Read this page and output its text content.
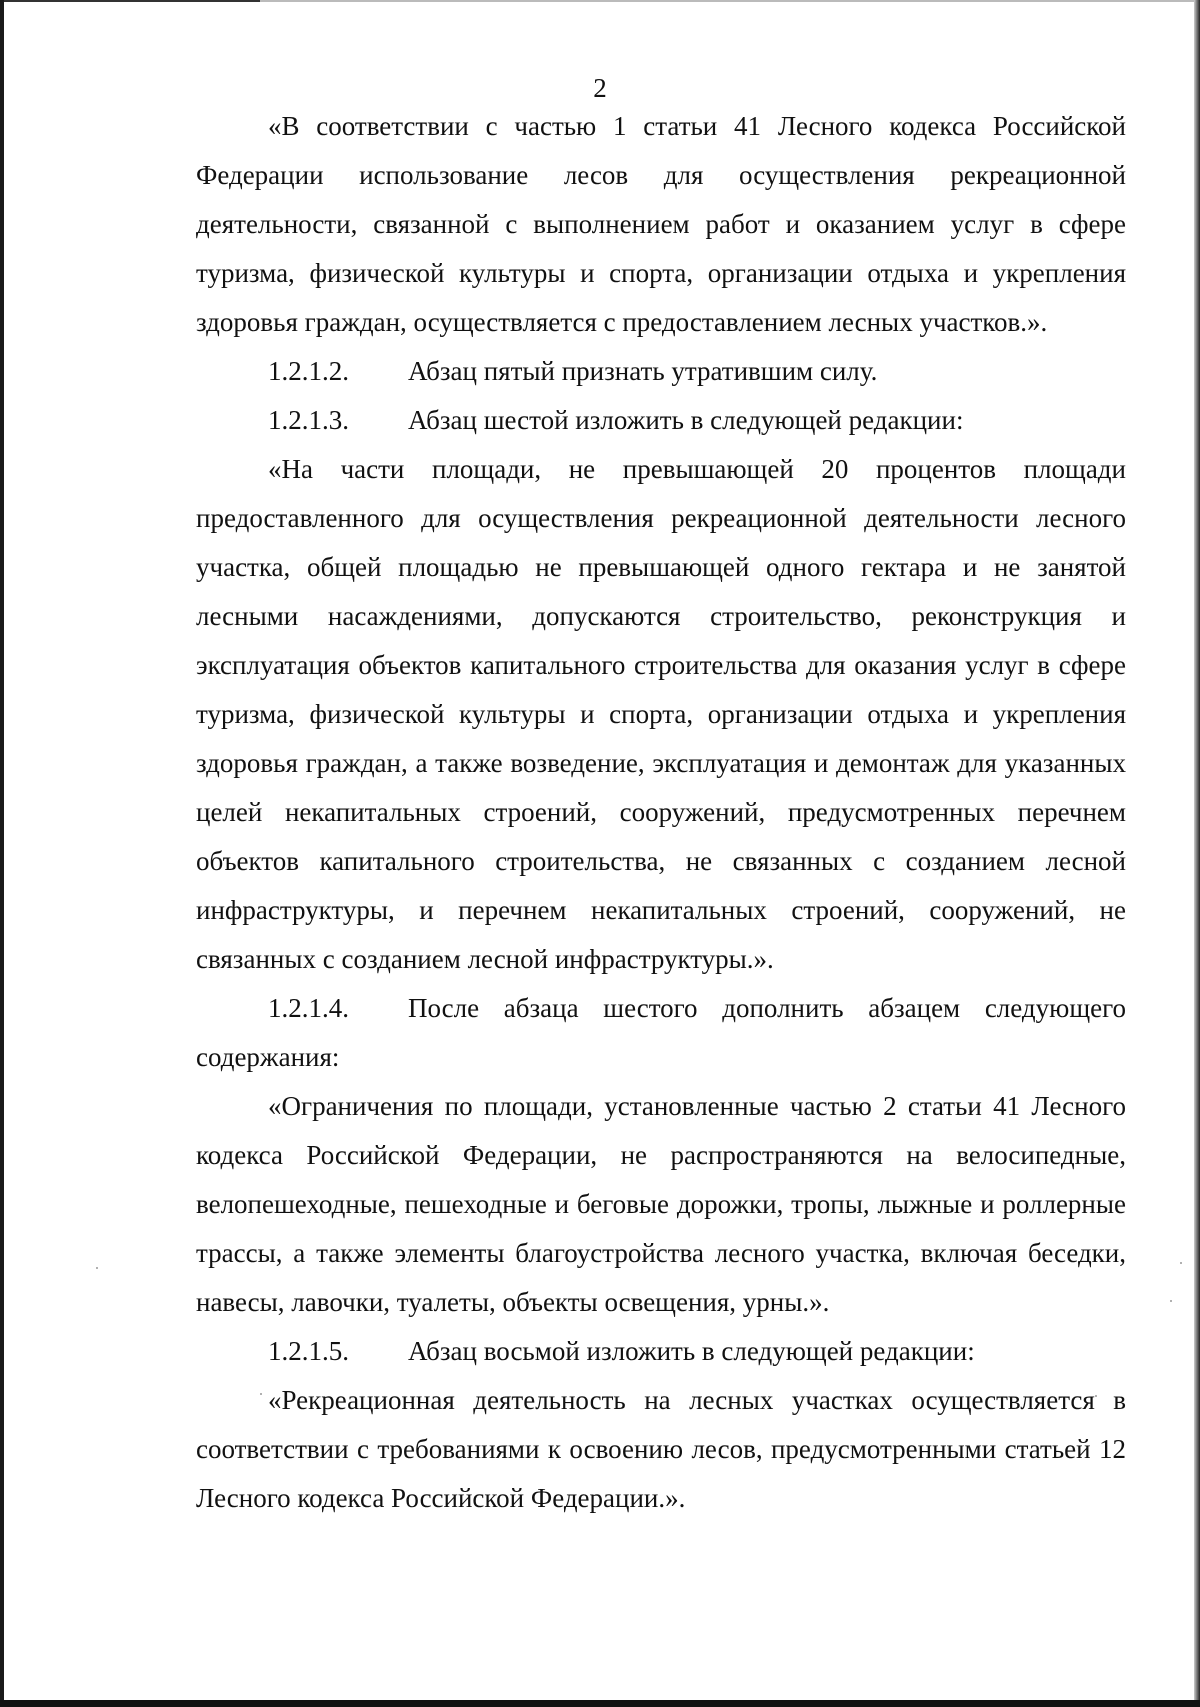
2

«В соответствии с частью 1 статьи 41 Лесного кодекса Российской Федерации использование лесов для осуществления рекреационной деятельности, связанной с выполнением работ и оказанием услуг в сфере туризма, физической культуры и спорта, организации отдыха и укрепления здоровья граждан, осуществляется с предоставлением лесных участков.».

1.2.1.2. Абзац пятый признать утратившим силу.

1.2.1.3. Абзац шестой изложить в следующей редакции:

«На части площади, не превышающей 20 процентов площади предоставленного для осуществления рекреационной деятельности лесного участка, общей площадью не превышающей одного гектара и не занятой лесными насаждениями, допускаются строительство, реконструкция и эксплуатация объектов капитального строительства для оказания услуг в сфере туризма, физической культуры и спорта, организации отдыха и укрепления здоровья граждан, а также возведение, эксплуатация и демонтаж для указанных целей некапитальных строений, сооружений, предусмотренных перечнем объектов капитального строительства, не связанных с созданием лесной инфраструктуры, и перечнем некапитальных строений, сооружений, не связанных с созданием лесной инфраструктуры.».

1.2.1.4. После абзаца шестого дополнить абзацем следующего содержания:

«Ограничения по площади, установленные частью 2 статьи 41 Лесного кодекса Российской Федерации, не распространяются на велосипедные, велопешеходные, пешеходные и беговые дорожки, тропы, лыжные и роллерные трассы, а также элементы благоустройства лесного участка, включая беседки, навесы, лавочки, туалеты, объекты освещения, урны.».

1.2.1.5. Абзац восьмой изложить в следующей редакции:

«Рекреационная деятельность на лесных участках осуществляется в соответствии с требованиями к освоению лесов, предусмотренными статьей 12 Лесного кодекса Российской Федерации.».
